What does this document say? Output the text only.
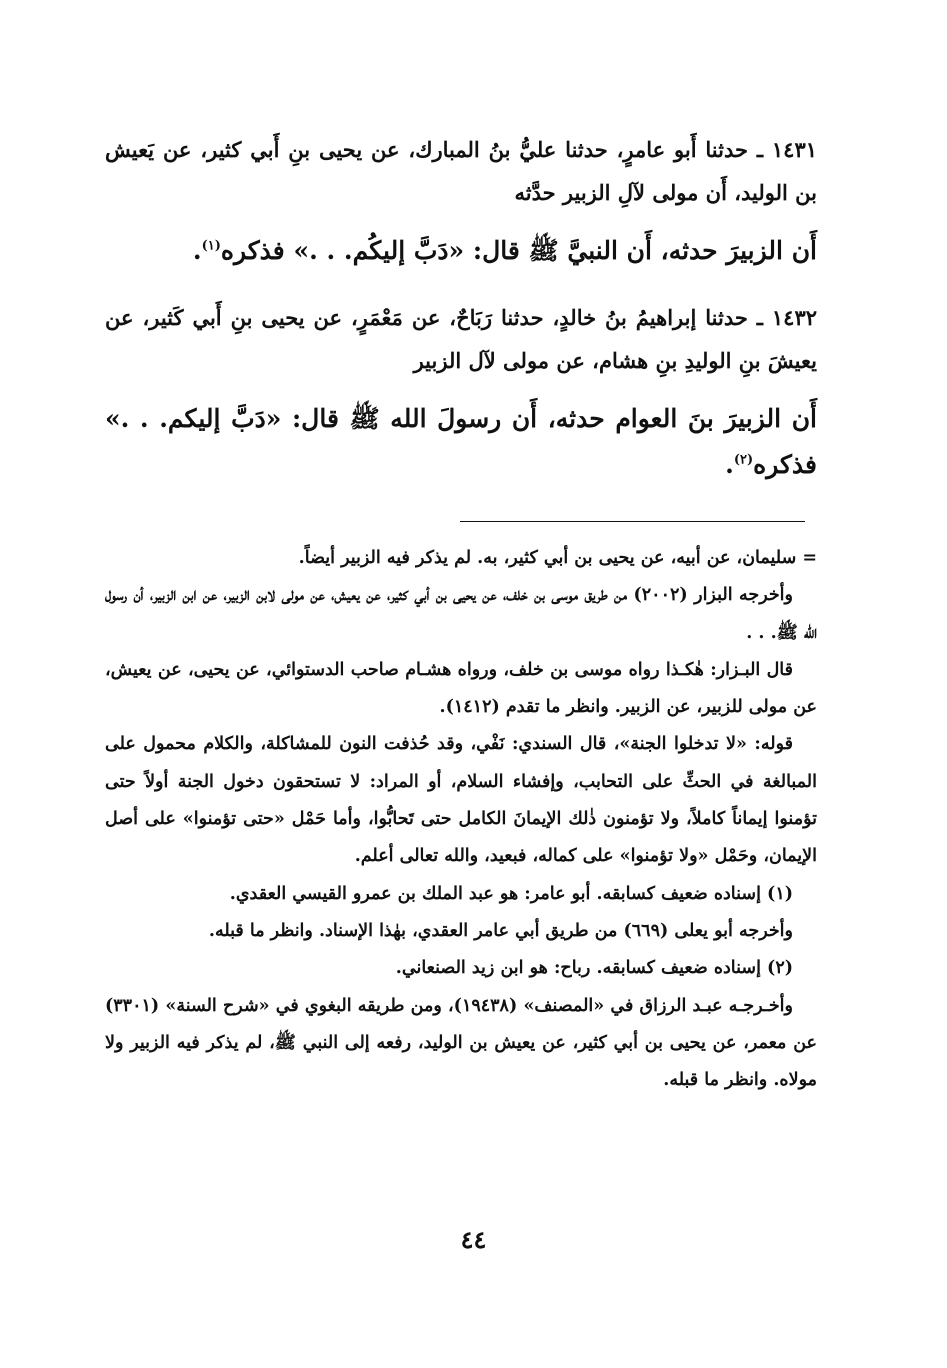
١٤٣١ ـ حدثنا أَبو عامرٍ، حدثنا عليُّ بنُ المبارك، عن يحيى بنِ أَبي كثير، عن يَعيش بن الوليد، أَن مولى لآلِ الزبير حدَّثه

أَن الزبيرَ حدثه، أَن النبيَّ ﷺ قال: «دَبَّ إليكُم. . .» فذكره$^{(١)}$.

١٤٣٢ ـ حدثنا إبراهيمُ بنُ خالدٍ، حدثنا رَبَاحٌ، عن مَعْمَرٍ، عن يحيى بنِ أَبي كَثير، عن يعيشَ بنِ الوليدِ بنِ هشام، عن مولى لآل الزبير

أَن الزبيرَ بنَ العوام حدثه، أَن رسولَ الله ﷺ قال: «دَبَّ إليكم. . .» فذكره$^{(٢)}$.

= سليمان، عن أبيه، عن يحيى بن أبي كثير، به. لم يذكر فيه الزبير أيضاً.

وأخرجه البزار (٢٠٠٢) من طريق موسى بن خلف، عن يحيى بن أبي كثير، عن يعيش، عن مولى لابن الزبير، عن ابن الزبير، أن رسول الله ﷺ. . .

قال البـزار: هٰكـذا رواه موسى بن خلف، ورواه هشـام صاحب الدستوائي، عن يحيى، عن يعيش، عن مولى للزبير، عن الزبير. وانظر ما تقدم (١٤١٢).

قوله: «لا تدخلوا الجنة»، قال السندي: نَفْي، وقد حُذفت النون للمشاكلة، والكلام محمول على المبالغة في الحثِّ على التحابب، وإفشاء السلام، أو المراد: لا تستحقون دخول الجنة أولاً حتى تؤمنوا إيماناً كاملاً، ولا تؤمنون ذٰلك الإيمانَ الكامل حتى تَحابُّوا، وأما حَمْل «حتى تؤمنوا» على أصل الإيمان، وحَمْل «ولا تؤمنوا» على كماله، فبعيد، والله تعالى أعلم.

(١) إسناده ضعيف كسابقه. أبو عامر: هو عبد الملك بن عمرو القيسي العقدي.

وأخرجه أبو يعلى (٦٦٩) من طريق أبي عامر العقدي، بهٰذا الإسناد. وانظر ما قبله.

(٢) إسناده ضعيف كسابقه. رباح: هو ابن زيد الصنعاني.

وأخـرجـه عبـد الرزاق في «المصنف» (١٩٤٣٨)، ومن طريقه البغوي في «شرح السنة» (٣٣٠١) عن معمر، عن يحيى بن أبي كثير، عن يعيش بن الوليد، رفعه إلى النبي ﷺ، لم يذكر فيه الزبير ولا مولاه. وانظر ما قبله.

٤٤
